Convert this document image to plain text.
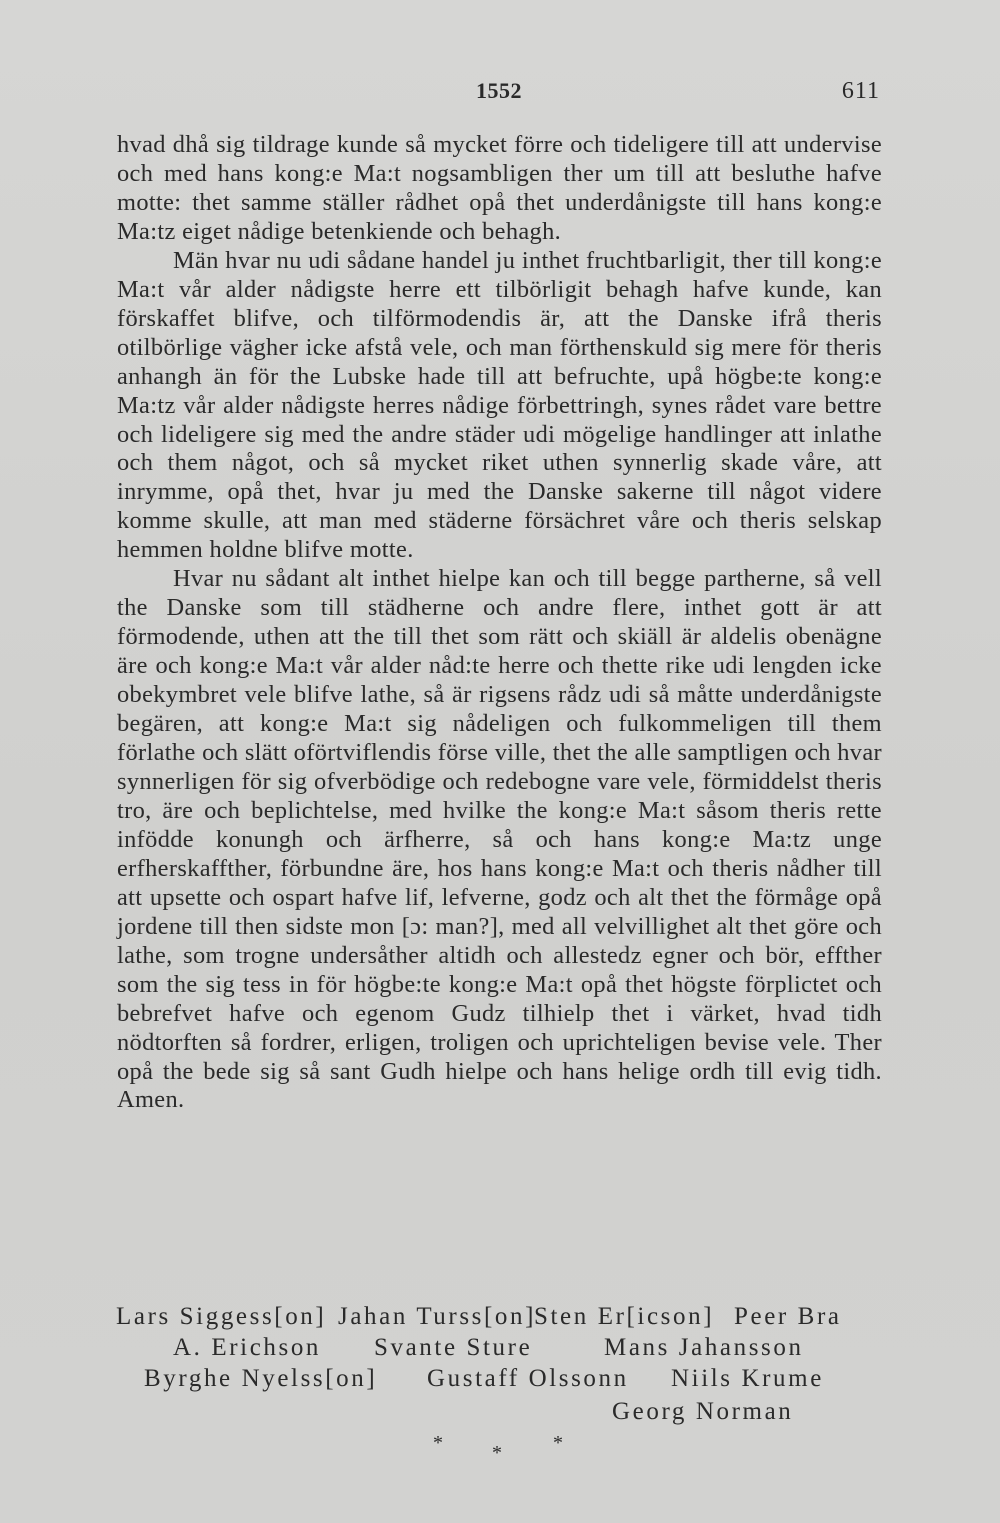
1552	611

hvad dhå sig tildrage kunde så mycket förre och tideligere till att undervise och med hans kong:e Ma:t nogsambligen ther um till att besluthe hafve motte: thet samme ställer rådhet opå thet underdånigste till hans kong:e Ma:tz eiget nådige betenkiende och behagh.

Män hvar nu udi sådane handel ju inthet fruchtbarligit, ther till kong:e Ma:t vår alder nådigste herre ett tilbörligit behagh hafve kunde, kan förskaffet blifve, och tilförmodendis är, att the Danske ifrå theris otilbörlige vägher icke afstå vele, och man förthenskuld sig mere för theris anhangh än för the Lubske hade till att befruchte, upå högbe:te kong:e Ma:tz vår alder nådigste herres nådige förbettringh, synes rådet vare bettre och lideligere sig med the andre städer udi mögelige handlinger att inlathe och them något, och så mycket riket uthen synnerlig skade våre, att inrymme, opå thet, hvar ju med the Danske sakerne till något videre komme skulle, att man med städerne försächret våre och theris selskap hemmen holdne blifve motte.

Hvar nu sådant alt inthet hielpe kan och till begge partherne, så vell the Danske som till städherne och andre flere, inthet gott är att förmodende, uthen att the till thet som rätt och skiäll är aldelis obenägne äre och kong:e Ma:t vår alder nåd:te herre och thette rike udi lengden icke obekymbret vele blifve lathe, så är rigsens rådz udi så måtte underdånigste begären, att kong:e Ma:t sig nådeligen och fulkommeligen till them förlathe och slätt oförtviflendis förse ville, thet the alle samptligen och hvar synnerligen för sig ofverbödige och redebogne vare vele, förmiddelst theris tro, äre och beplichtelse, med hvilke the kong:e Ma:t såsom theris rette infödde konungh och ärfherre, så och hans kong:e Ma:tz unge erfherskaffther, förbundne äre, hos hans kong:e Ma:t och theris nådher till att upsette och ospart hafve lif, lefverne, godz och alt thet the förmåge opå jordene till then sidste mon [ɔ: man?], med all velvillighet alt thet göre och lathe, som trogne undersåther altidh och allestedz egner och bör, effther som the sig tess in för högbe:te kong:e Ma:t opå thet högste förplictet och bebrefvet hafve och egenom Gudz tilhielp thet i värket, hvad tidh nödtorften så fordrer, erligen, troligen och uprichteligen bevise vele. Ther opå the bede sig så sant Gudh hielpe och hans helige ordh till evig tidh. Amen.

Lars Siggess[on] Jahan Turss[on]Sten Er[icson] Peer Bra
A. Erichson Svante Sture	Mans Jahansson
Byrghe Nyelss[on] Gustaff Olssonn Niils Krume
Georg Norman
* *	*
